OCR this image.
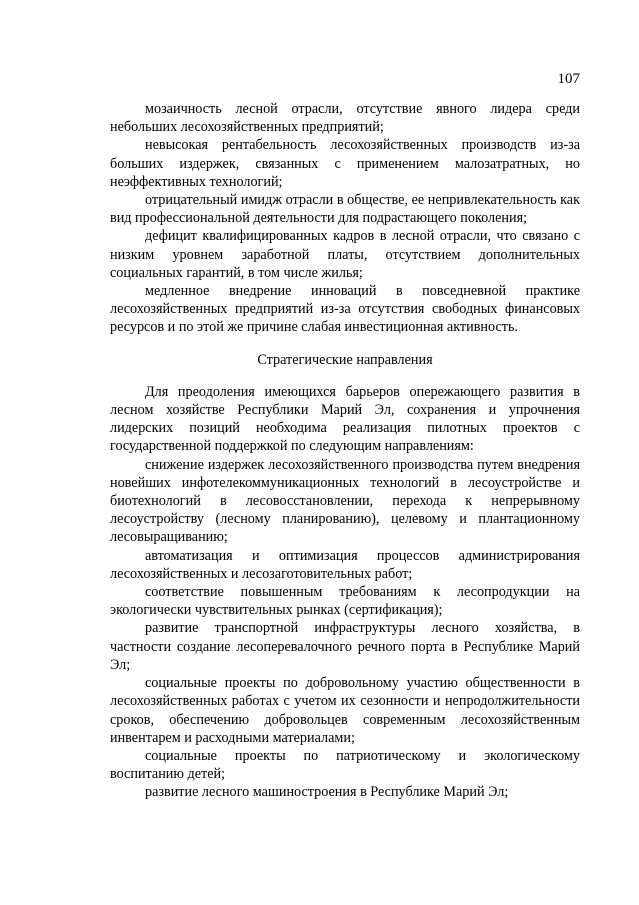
107

мозаичность лесной отрасли, отсутствие явного лидера среди небольших лесохозяйственных предприятий;

невысокая рентабельность лесохозяйственных производств из-за больших издержек, связанных с применением малозатратных, но неэффективных технологий;

отрицательный имидж отрасли в обществе, ее непривлекательность как вид профессиональной деятельности для подрастающего поколения;

дефицит квалифицированных кадров в лесной отрасли, что связано с низким уровнем заработной платы, отсутствием дополнительных социальных гарантий, в том числе жилья;

медленное внедрение инноваций в повседневной практике лесохозяйственных предприятий из-за отсутствия свободных финансовых ресурсов и по этой же причине слабая инвестиционная активность.

Стратегические направления

Для преодоления имеющихся барьеров опережающего развития в лесном хозяйстве Республики Марий Эл, сохранения и упрочнения лидерских позиций необходима реализация пилотных проектов с государственной поддержкой по следующим направлениям:

снижение издержек лесохозяйственного производства путем внедрения новейших инфотелекоммуникационных технологий в лесоустройстве и биотехнологий в лесовосстановлении, перехода к непрерывному лесоустройству (лесному планированию), целевому и плантационному лесовыращиванию;

автоматизация и оптимизация процессов администрирования лесохозяйственных и лесозаготовительных работ;

соответствие повышенным требованиям к лесопродукции на экологически чувствительных рынках (сертификация);

развитие транспортной инфраструктуры лесного хозяйства, в частности создание лесоперевалочного речного порта в Республике Марий Эл;

социальные проекты по добровольному участию общественности в лесохозяйственных работах с учетом их сезонности и непродолжительности сроков, обеспечению добровольцев современным лесохозяйственным инвентарем и расходными материалами;

социальные проекты по патриотическому и экологическому воспитанию детей;

развитие лесного машиностроения в Республике Марий Эл;
